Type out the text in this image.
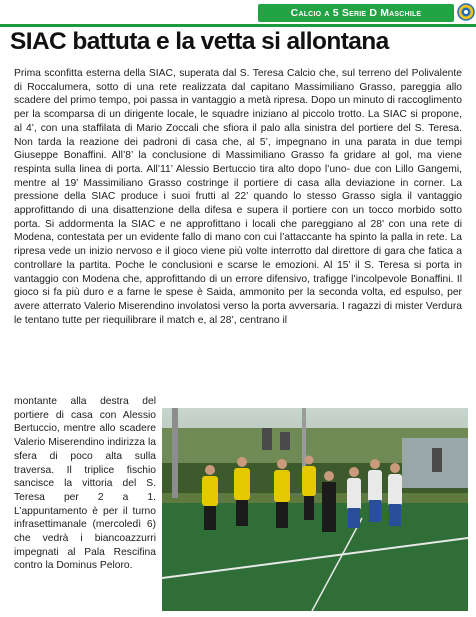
Calcio a 5 Serie D Maschile
SIAC battuta e la vetta si allontana

Prima sconfitta esterna della SIAC, superata dal S. Teresa Calcio che, sul terreno del Polivalente di Roccalumera, sotto di una rete realizzata dal capitano Massimiliano Grasso, pareggia allo scadere del primo tempo, poi passa in vantaggio a metà ripresa. Dopo un minuto di raccoglimento per la scomparsa di un dirigente locale, le squadre iniziano al piccolo trotto. La SIAC si propone, al 4’, con una staffilata di Mario Zoccali che sfiora il palo alla sinistra del portiere del S. Teresa. Non tarda la reazione dei padroni di casa che, al 5’, impegnano in una parata in due tempi Giuseppe Bonaffini. All’8’ la conclusione di Massimiliano Grasso fa gridare al gol, ma viene respinta sulla linea di porta. All’11’ Alessio Bertuccio tira alto dopo l’uno- due con Lillo Gangemi, mentre al 19’ Massimiliano Grasso costringe il portiere di casa alla deviazione in corner. La pressione della SIAC produce i suoi frutti al 22’ quando lo stesso Grasso sigla il vantaggio approfittando di una disattenzione della difesa e supera il portiere con un tocco morbido sotto porta. Si addormenta la SIAC e ne approfittano i locali che pareggiano al 28’ con una rete di Modena, contestata per un evidente fallo di mano con cui l’attaccante ha spinto la palla in rete. La ripresa vede un inizio nervoso e il gioco viene più volte interrotto dal direttore di gara che fatica a controllare la partita. Poche le conclusioni e scarse le emozioni. Al 15’ il S. Teresa si porta in vantaggio con Modena che, approfittando di un errore difensivo, trafigge l’incolpevole Bonaffini. Il gioco si fa più duro e a farne le spese è Saida, ammonito per la seconda volta, ed espulso, per avere atterrato Valerio Miserendino involatosi verso la porta avversaria. I ragazzi di mister Verdura le tentano tutte per riequilibrare il match e, al 28’, centrano il

montante alla destra del portiere di casa con Alessio Bertuccio, mentre allo scadere Valerio Miserendino indirizza la sfera di poco alta sulla traversa. Il triplice fischio sancisce la vittoria del S. Teresa per 2 a 1. L’appuntamento è per il turno infrasettimanale (mercoledì 6) che vedrà i biancoazzurri impegnati al Pala Rescifina contro la Dominus Peloro.
